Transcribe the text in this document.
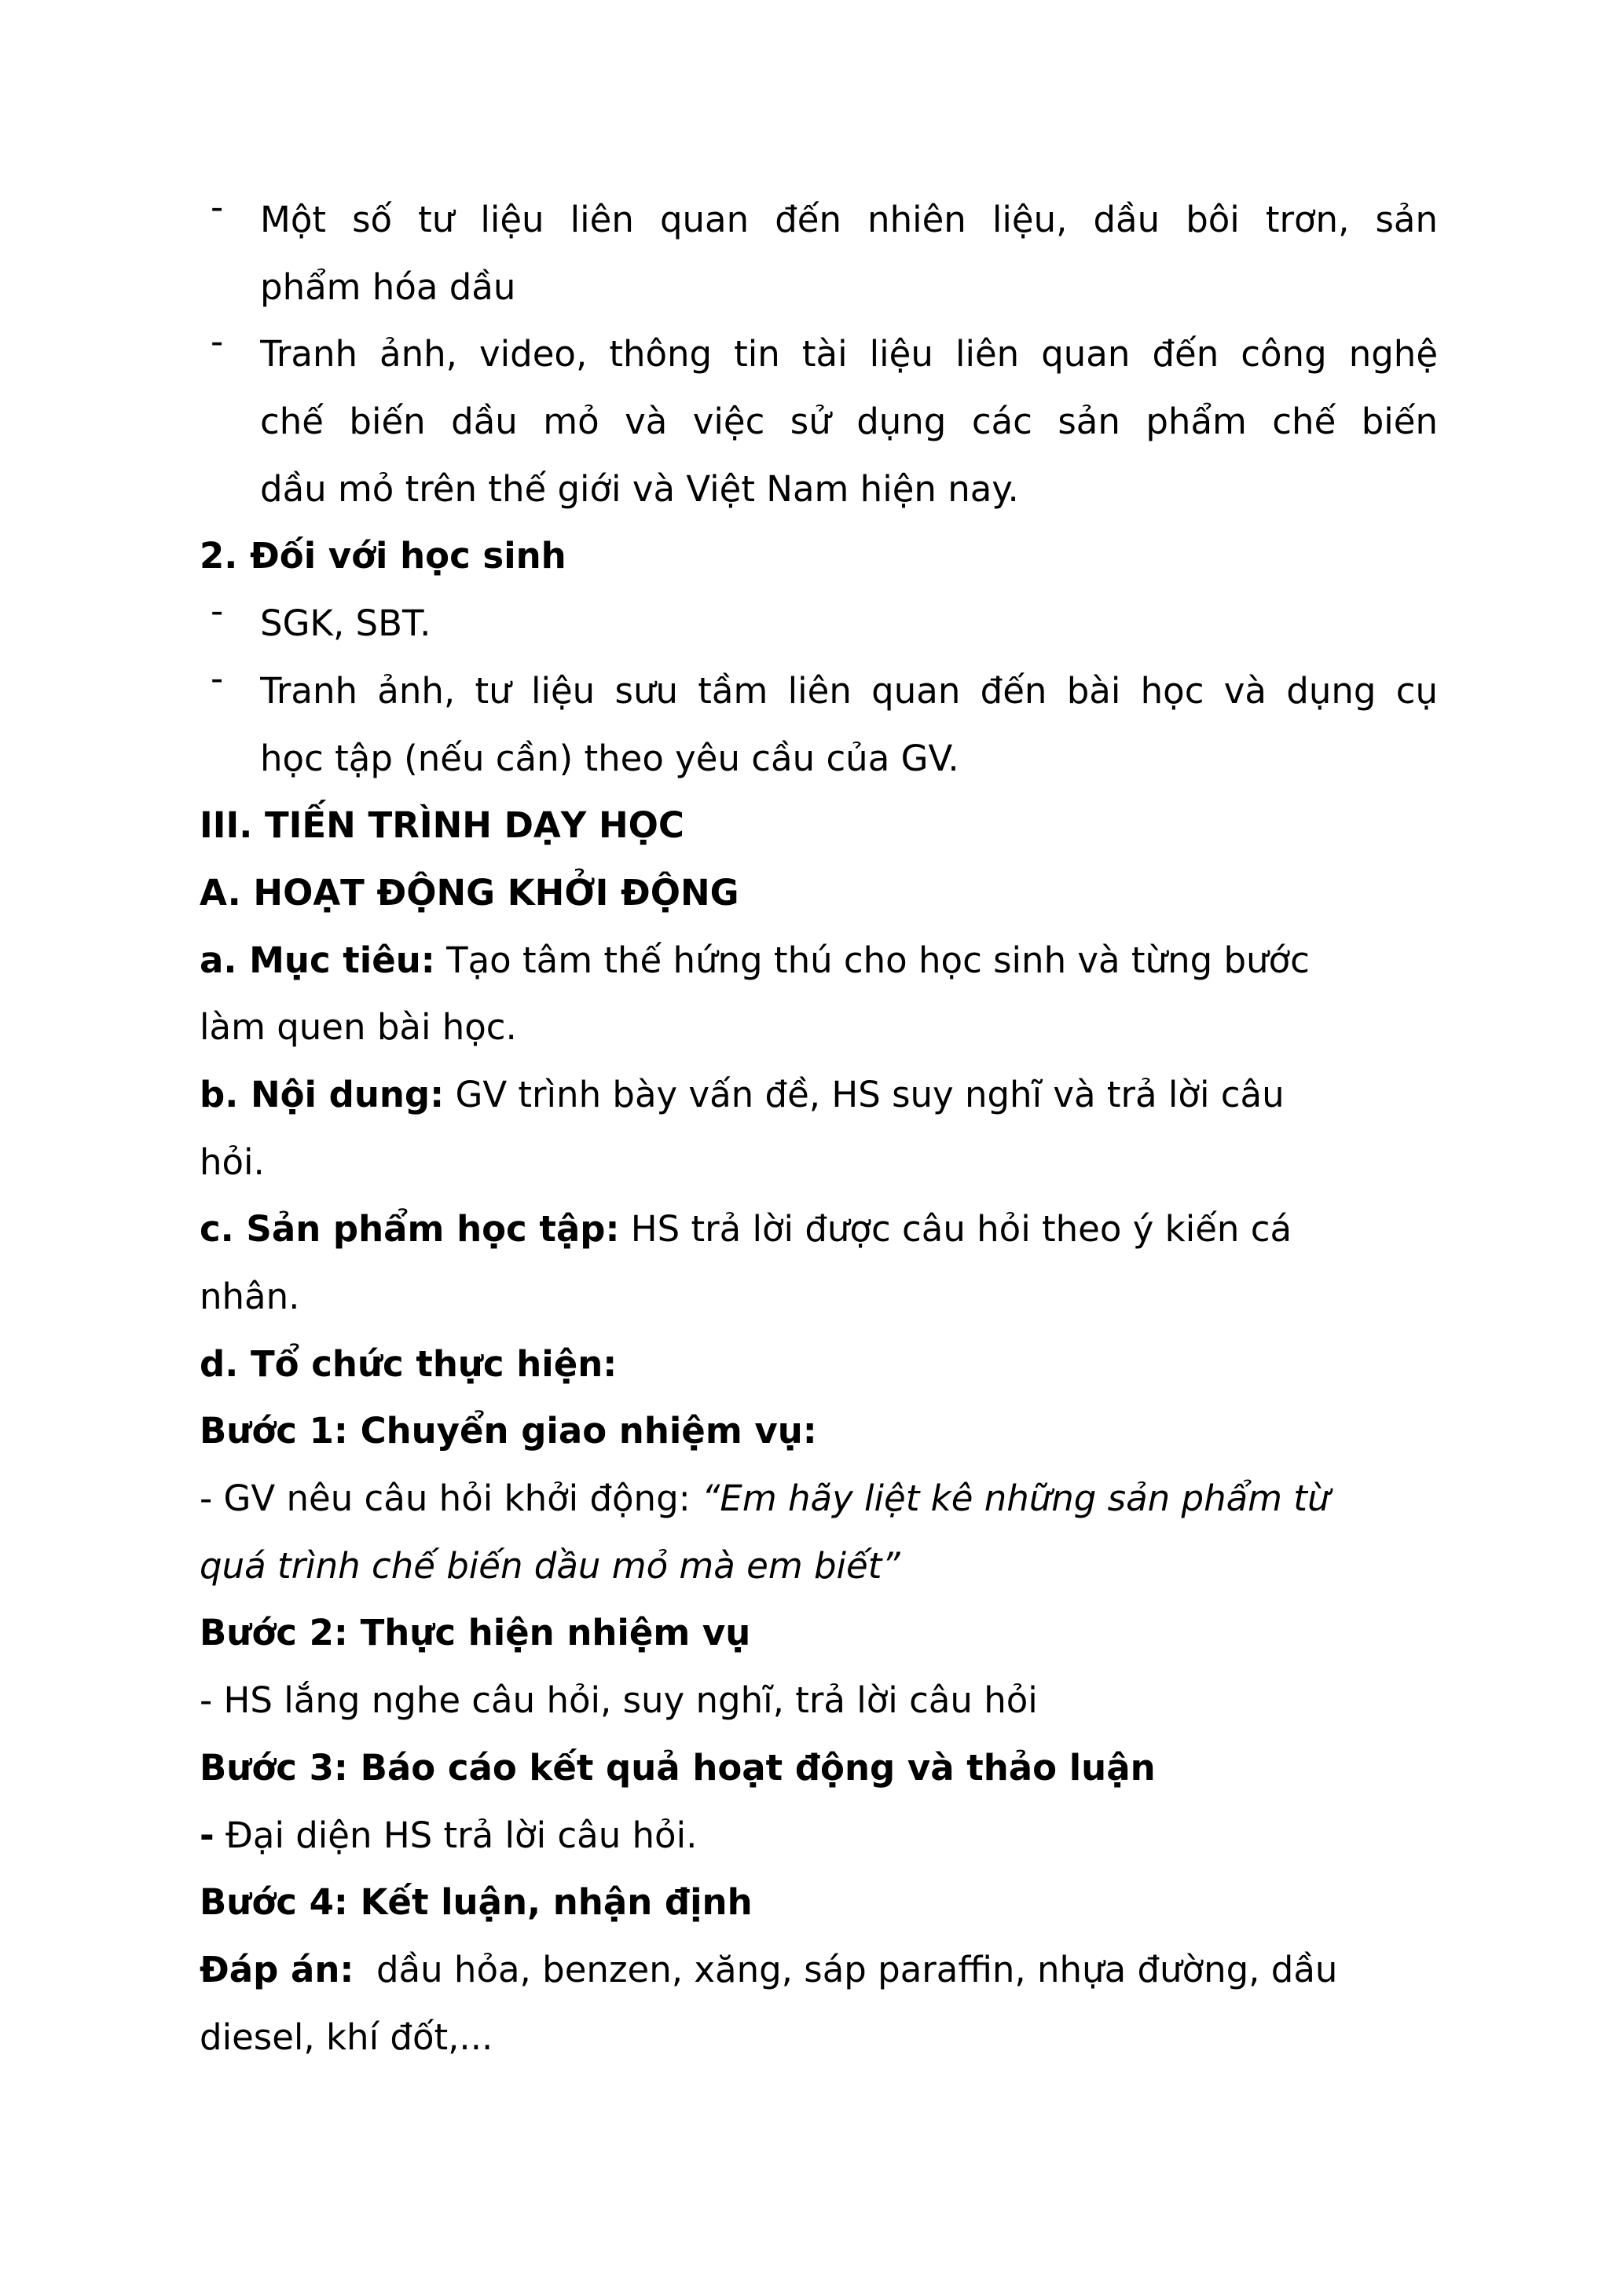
- Một số tư liệu liên quan đến nhiên liệu, dầu bôi trơn, sản
phẩm hóa dầu
- Tranh ảnh, video, thông tin tài liệu liên quan đến công nghệ
chế biến dầu mỏ và việc sử dụng các sản phẩm chế biến
dầu mỏ trên thế giới và Việt Nam hiện nay.
2. Đối với học sinh
- SGK, SBT.
- Tranh ảnh, tư liệu sưu tầm liên quan đến bài học và dụng cụ
học tập (nếu cần) theo yêu cầu của GV.
III. TIẾN TRÌNH DẠY HỌC
A. HOẠT ĐỘNG KHỞI ĐỘNG
a. Mục tiêu: Tạo tâm thế hứng thú cho học sinh và từng bước
làm quen bài học.
b. Nội dung: GV trình bày vấn đề, HS suy nghĩ và trả lời câu
hỏi.
c. Sản phẩm học tập: HS trả lời được câu hỏi theo ý kiến cá
nhân.
d. Tổ chức thực hiện:
Bước 1: Chuyển giao nhiệm vụ:
- GV nêu câu hỏi khởi động: “Em hãy liệt kê những sản phẩm từ
quá trình chế biến dầu mỏ mà em biết”
Bước 2: Thực hiện nhiệm vụ
- HS lắng nghe câu hỏi, suy nghĩ, trả lời câu hỏi
Bước 3: Báo cáo kết quả hoạt động và thảo luận
- Đại diện HS trả lời câu hỏi.
Bước 4: Kết luận, nhận định
Đáp án:  dầu hỏa, benzen, xăng, sáp paraffin, nhựa đường, dầu
diesel, khí đốt,...
